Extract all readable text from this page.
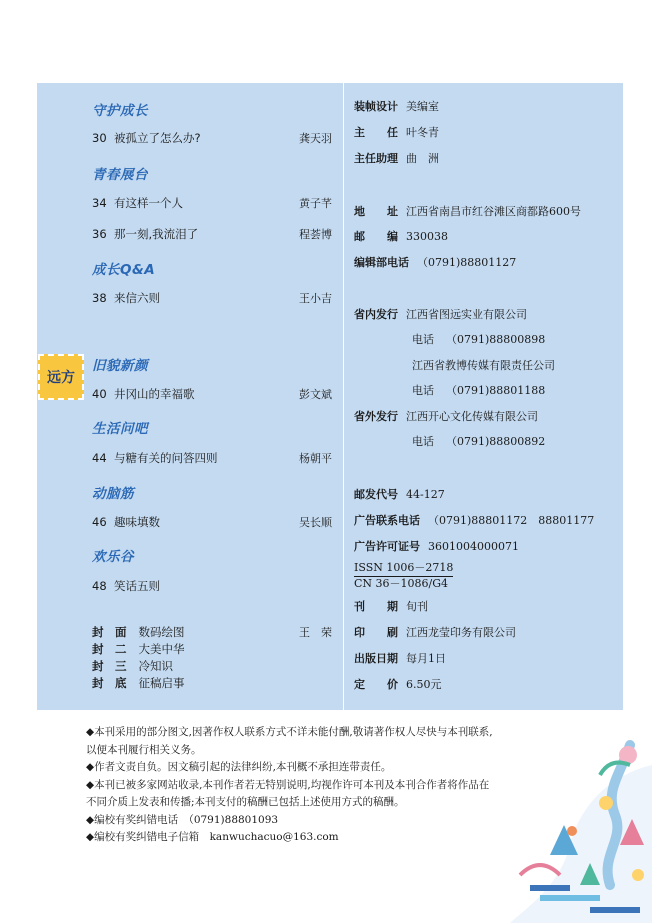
守护成长
30 被孤立了怎么办?	龚天羽
青春展台
34 有这样一个人	黄子芊
36 那一刻,我流泪了	程荟博
成长Q&A
38 来信六则	王小吉
远方
旧貌新颜
40 井冈山的幸福歌	彭文斌
生活问吧
44 与糖有关的问答四则	杨朝平
动脑筋
46 趣味填数	吴长顺
欢乐谷
48 笑话五则
封　面 数码绘图	王　荣
封　二 大美中华
封　三 冷知识
封　底 征稿启事
装帧设计 美编室
主　　任 叶冬青
主任助理 曲　洲
地　　址 江西省南昌市红谷滩区商都路600号
邮　　编 330038
编辑部电话 （0791)88801127
省内发行 江西省图远实业有限公司
电话 （0791)88800898
江西省教博传媒有限责任公司
电话 （0791)88801188
省外发行 江西开心文化传媒有限公司
电话 （0791)88800892
邮发代号 44-127
广告联系电话 （0791)88801172　88801177
广告许可证号 3601004000071
ISSN 1006－2718
CN 36－1086/G4
刊　　期 旬刊
印　　刷 江西龙莹印务有限公司
出版日期 每月1日
定　　价 6.50元
◆本刊采用的部分图文,因著作权人联系方式不详未能付酬,敬请著作权人尽快与本刊联系,
以便本刊履行相关义务。
◆作者文责自负。因文稿引起的法律纠纷,本刊概不承担连带责任。
◆本刊已被多家网站收录,本刊作者若无特别说明,均视作许可本刊及本刊合作者将作品在
不同介质上发表和传播;本刊支付的稿酬已包括上述使用方式的稿酬。
◆编校有奖纠错电话　（0791)88801093
◆编校有奖纠错电子信箱　kanwuchacuo@163.com
